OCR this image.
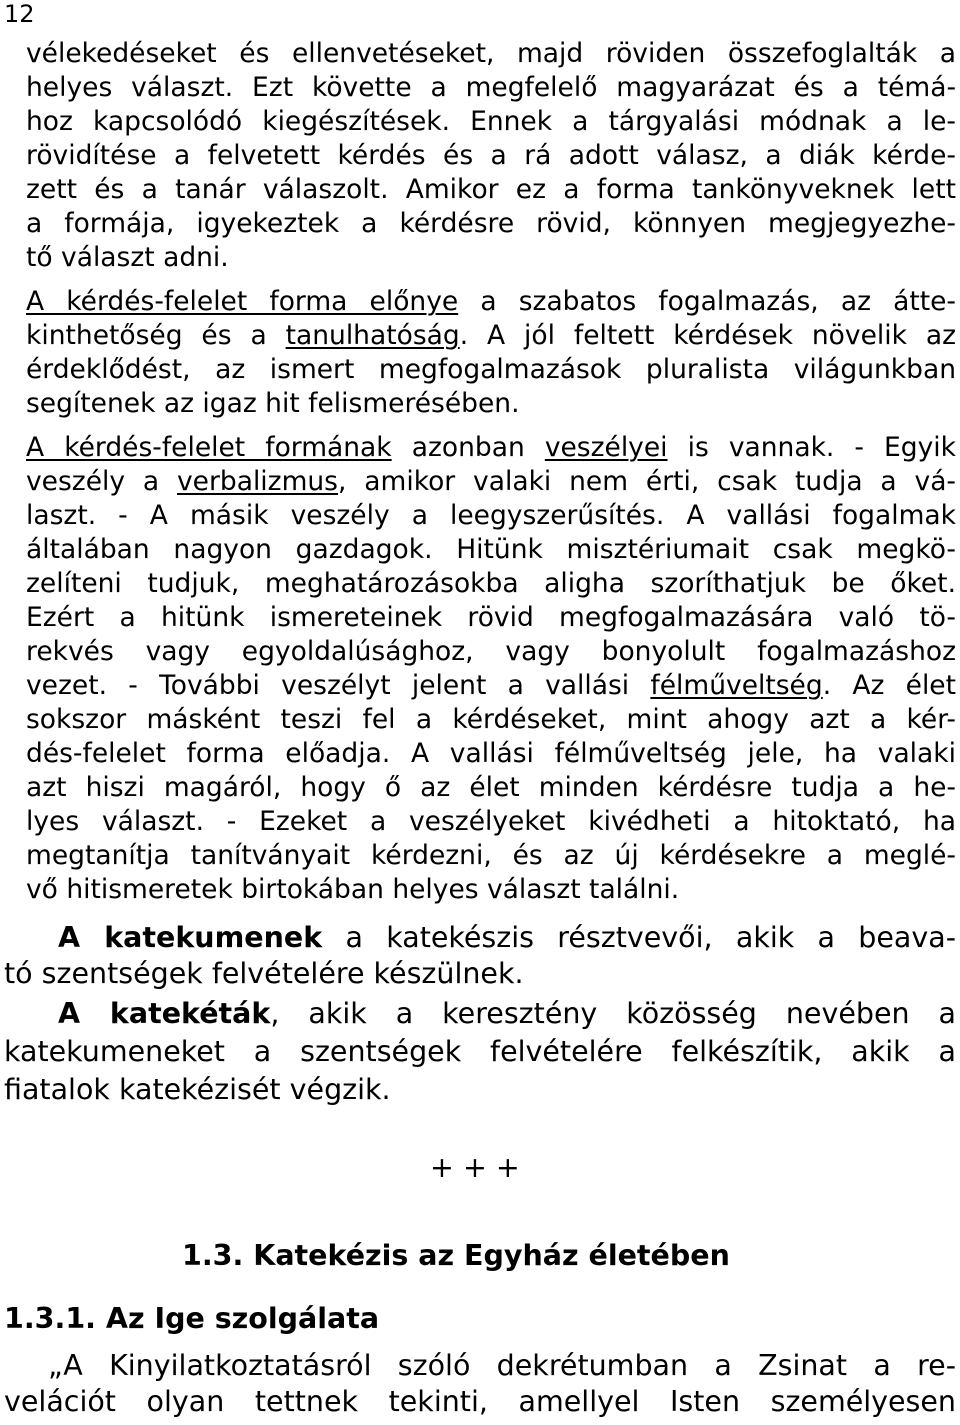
12
vélekedéseket és ellenvetéseket, majd röviden összefoglalták a
helyes választ. Ezt követte a megfelelő magyarázat és a témá-
hoz kapcsolódó kiegészítések. Ennek a tárgyalási módnak a le-
rövidítése a felvetett kérdés és a rá adott válasz, a diák kérde-
zett és a tanár válaszolt. Amikor ez a forma tankönyveknek lett
a formája, igyekeztek a kérdésre rövid, könnyen megjegyezhe-
tő választ adni.
A kérdés-felelet forma előnye a szabatos fogalmazás, az átte-
kinthetőség és a tanulhatóság. A jól feltett kérdések növelik az
érdeklődést, az ismert megfogalmazások pluralista világunkban
segítenek az igaz hit felismerésében.
A kérdés-felelet formának azonban veszélyei is vannak. - Egyik
veszély a verbalizmus, amikor valaki nem érti, csak tudja a vá-
laszt. - A másik veszély a leegyszerűsítés. A vallási fogalmak
általában nagyon gazdagok. Hitünk misztériumait csak megkö-
zelíteni tudjuk, meghatározásokba aligha szoríthatjuk be őket.
Ezért a hitünk ismereteinek rövid megfogalmazására való tö-
rekvés vagy egyoldalúsághoz, vagy bonyolult fogalmazáshoz
vezet. - További veszélyt jelent a vallási félműveltség. Az élet
sokszor másként teszi fel a kérdéseket, mint ahogy azt a kér-
dés-felelet forma előadja. A vallási félműveltség jele, ha valaki
azt hiszi magáról, hogy ő az élet minden kérdésre tudja a he-
lyes választ. - Ezeket a veszélyeket kivédheti a hitoktató, ha
megtanítja tanítványait kérdezni, és az új kérdésekre a meglé-
vő hitismeretek birtokában helyes választ találni.
A katekumenek a katekészis résztvevői, akik a beava-
tó szentségek felvételére készülnek.
A katekéták, akik a keresztény közösség nevében a
katekumeneket a szentségek felvételére felkészítik, akik a
fiatalok katekézisét végzik.
+ + +
1.3. Katekézis az Egyház életében
1.3.1. Az Ige szolgálata
„A Kinyilatkoztatásról szóló dekrétumban a Zsinat a re-
velációt olyan tettnek tekinti, amellyel Isten személyesen
